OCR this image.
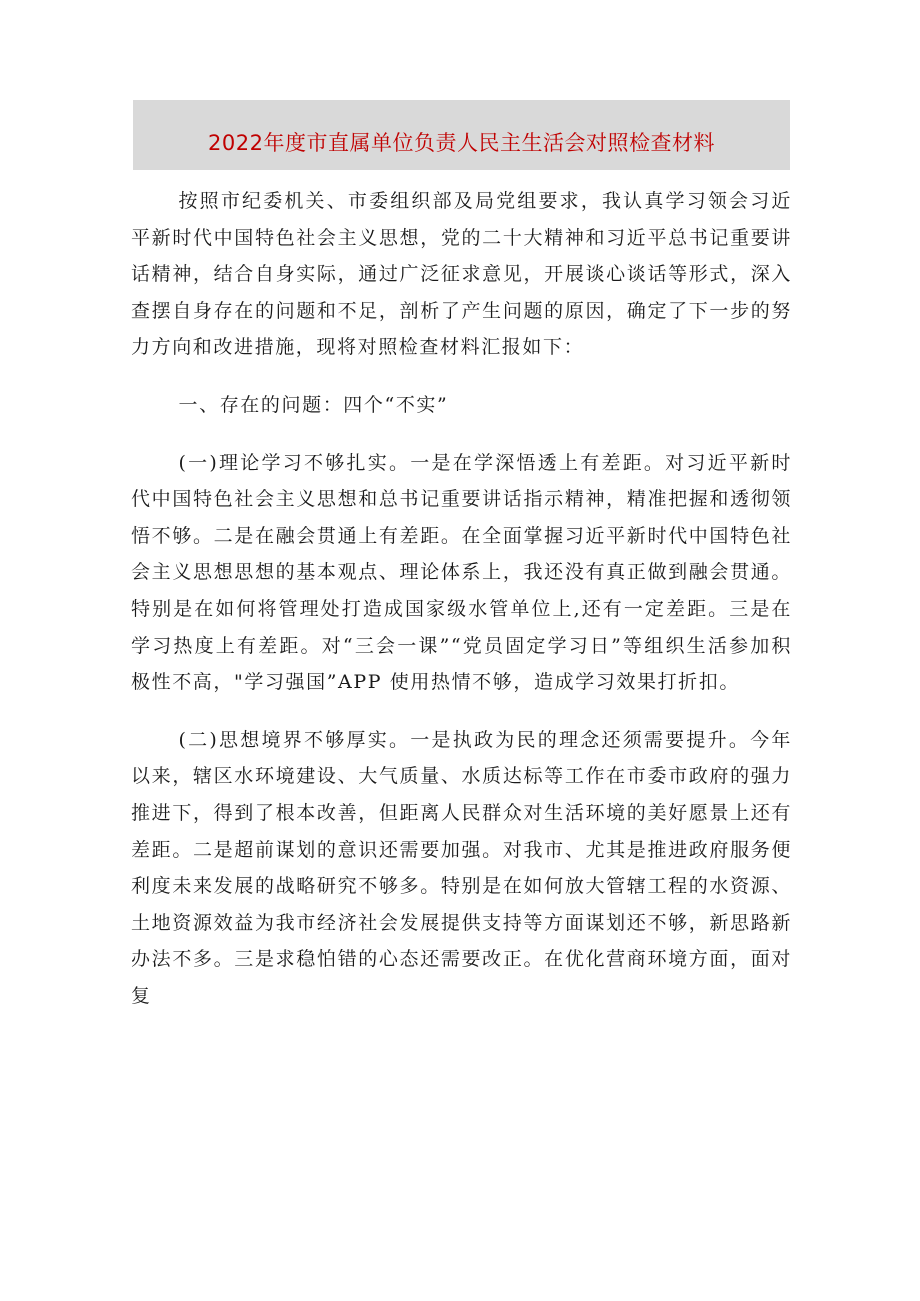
2022年度市直属单位负责人民主生活会对照检查材料

按照市纪委机关、市委组织部及局党组要求，我认真学习领会习近平新时代中国特色社会主义思想，党的二十大精神和习近平总书记重要讲话精神，结合自身实际，通过广泛征求意见，开展谈心谈话等形式，深入查摆自身存在的问题和不足，剖析了产生问题的原因，确定了下一步的努力方向和改进措施，现将对照检查材料汇报如下：

一、存在的问题：四个“不实”

(一)理论学习不够扎实。一是在学深悟透上有差距。对习近平新时代中国特色社会主义思想和总书记重要讲话指示精神，精准把握和透彻领悟不够。二是在融会贯通上有差距。在全面掌握习近平新时代中国特色社会主义思想思想的基本观点、理论体系上，我还没有真正做到融会贯通。特别是在如何将管理处打造成国家级水管单位上,还有一定差距。三是在学习热度上有差距。对“三会一课”“党员固定学习日”等组织生活参加积极性不高，"学习强国”APP 使用热情不够，造成学习效果打折扣。

(二)思想境界不够厚实。一是执政为民的理念还须需要提升。今年以来，辖区水环境建设、大气质量、水质达标等工作在市委市政府的强力推进下，得到了根本改善，但距离人民群众对生活环境的美好愿景上还有差距。二是超前谋划的意识还需要加强。对我市、尤其是推进政府服务便利度未来发展的战略研究不够多。特别是在如何放大管辖工程的水资源、土地资源效益为我市经济社会发展提供支持等方面谋划还不够，新思路新办法不多。三是求稳怕错的心态还需要改正。在优化营商环境方面，面对复
